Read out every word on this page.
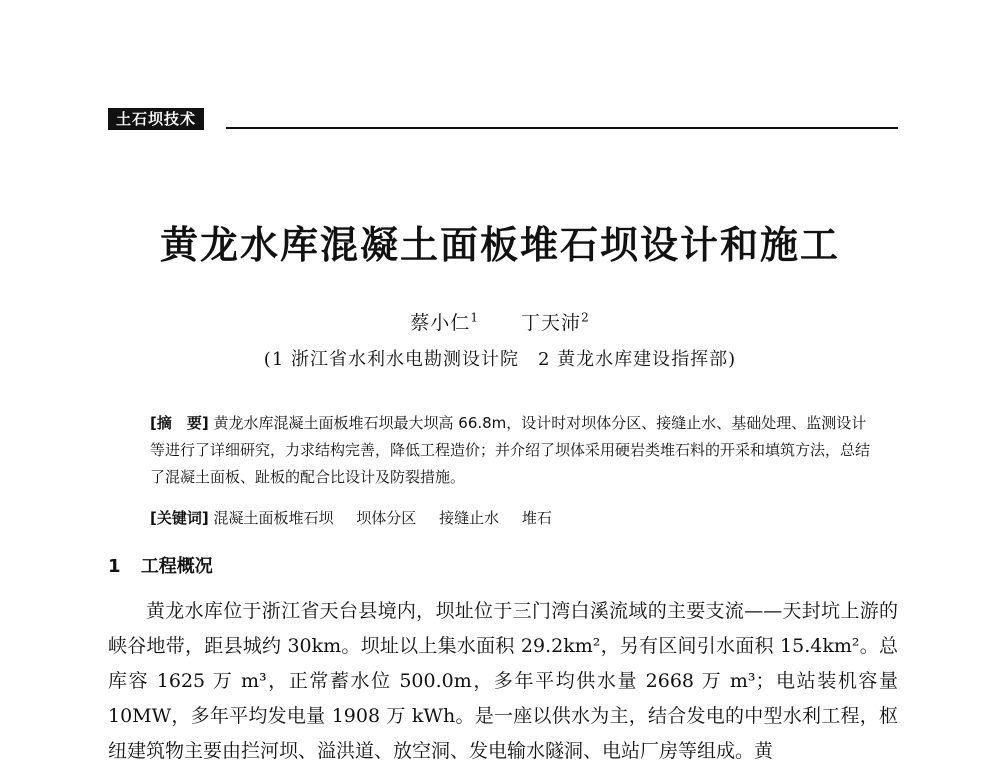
土石坝技术
黄龙水库混凝土面板堆石坝设计和施工
蔡小仁$^1$ 丁天沛$^2$
(1 浙江省水利水电勘测设计院　2 黄龙水库建设指挥部)
[摘　要] 黄龙水库混凝土面板堆石坝最大坝高 66.8m，设计时对坝体分区、接缝止水、基础处理、监测设计等进行了详细研究，力求结构完善，降低工程造价；并介绍了坝体采用硬岩类堆石料的开采和填筑方法，总结了混凝土面板、趾板的配合比设计及防裂措施。
[关键词] 混凝土面板堆石坝 坝体分区 接缝止水 堆石
1 工程概况
黄龙水库位于浙江省天台县境内，坝址位于三门湾白溪流域的主要支流——天封坑上游的峡谷地带，距县城约 30km。坝址以上集水面积 29.2km²，另有区间引水面积 15.4km²。总库容 1625 万 m³，正常蓄水位 500.0m，多年平均供水量 2668 万 m³；电站装机容量 10MW，多年平均发电量 1908 万 kWh。是一座以供水为主，结合发电的中型水利工程，枢纽建筑物主要由拦河坝、溢洪道、放空洞、发电输水隧洞、电站厂房等组成。黄
